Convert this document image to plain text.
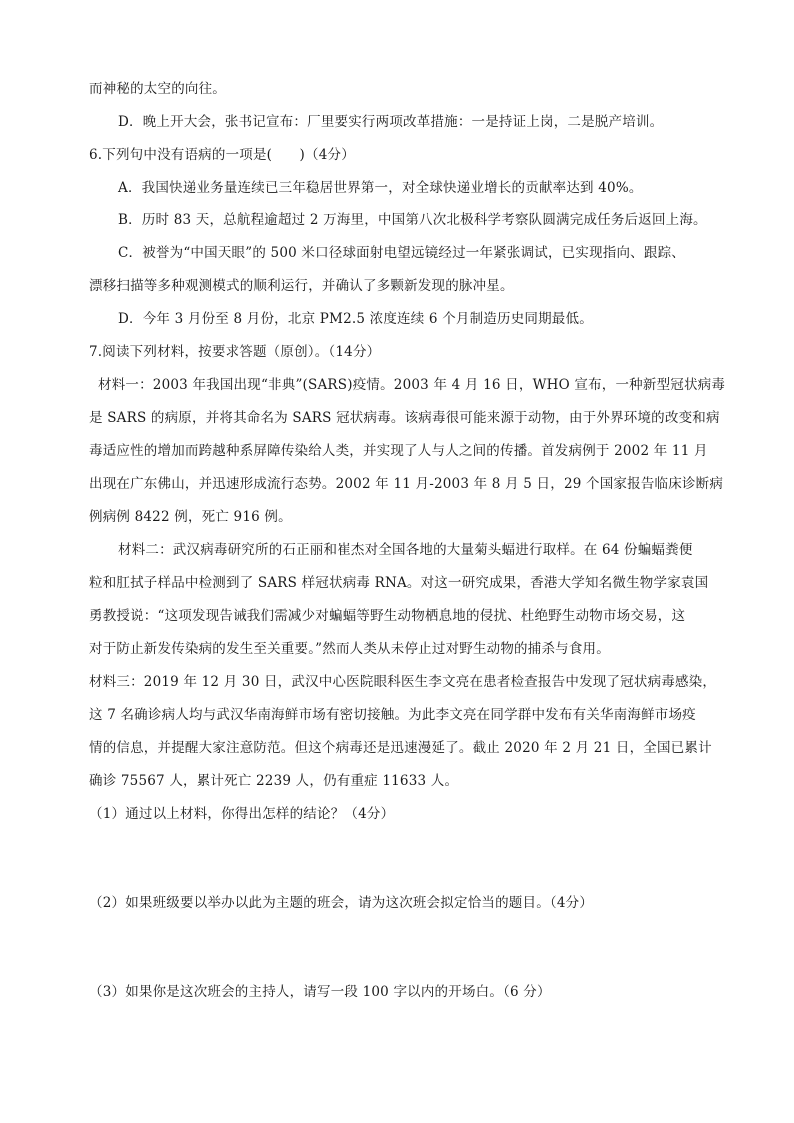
而神秘的太空的向往。
D．晚上开大会，张书记宣布：厂里要实行两项改革措施：一是持证上岗，二是脱产培训。
6.下列句中没有语病的一项是(　　)（4分）
A．我国快递业务量连续已三年稳居世界第一，对全球快递业增长的贡献率达到 40%。
B．历时 83 天，总航程逾超过 2 万海里，中国第八次北极科学考察队圆满完成任务后返回上海。
C．被誉为“中国天眼”的 500 米口径球面射电望远镜经过一年紧张调试，已实现指向、跟踪、
漂移扫描等多种观测模式的顺利运行，并确认了多颗新发现的脉冲星。
D．今年 3 月份至 8 月份，北京 PM2.5 浓度连续 6 个月制造历史同期最低。
7.阅读下列材料，按要求答题（原创）。（14分）
材料一：2003 年我国出现“非典”(SARS)疫情。2003 年 4 月 16 日，WHO 宣布，一种新型冠状病毒
是 SARS 的病原，并将其命名为 SARS 冠状病毒。该病毒很可能来源于动物，由于外界环境的改变和病
毒适应性的增加而跨越种系屏障传染给人类，并实现了人与人之间的传播。首发病例于 2002 年 11 月
出现在广东佛山，并迅速形成流行态势。2002 年 11 月-2003 年 8 月 5 日，29 个国家报告临床诊断病
例病例 8422 例，死亡 916 例。
材料二：武汉病毒研究所的石正丽和崔杰对全国各地的大量菊头蝠进行取样。在 64 份蝙蝠粪便
粒和肛拭子样品中检测到了 SARS 样冠状病毒 RNA。对这一研究成果，香港大学知名微生物学家袁国
勇教授说：“这项发现告诫我们需减少对蝙蝠等野生动物栖息地的侵扰、杜绝野生动物市场交易，这
对于防止新发传染病的发生至关重要。”然而人类从未停止过对野生动物的捕杀与食用。
材料三：2019 年 12 月 30 日，武汉中心医院眼科医生李文亮在患者检查报告中发现了冠状病毒感染，
这 7 名确诊病人均与武汉华南海鲜市场有密切接触。为此李文亮在同学群中发布有关华南海鲜市场疫
情的信息，并提醒大家注意防范。但这个病毒还是迅速漫延了。截止 2020 年 2 月 21 日，全国已累计
确诊 75567 人，累计死亡 2239 人，仍有重症 11633 人。
（1）通过以上材料，你得出怎样的结论？（4分）
（2）如果班级要以举办以此为主题的班会，请为这次班会拟定恰当的题目。（4分）
（3）如果你是这次班会的主持人，请写一段 100 字以内的开场白。（6 分）
